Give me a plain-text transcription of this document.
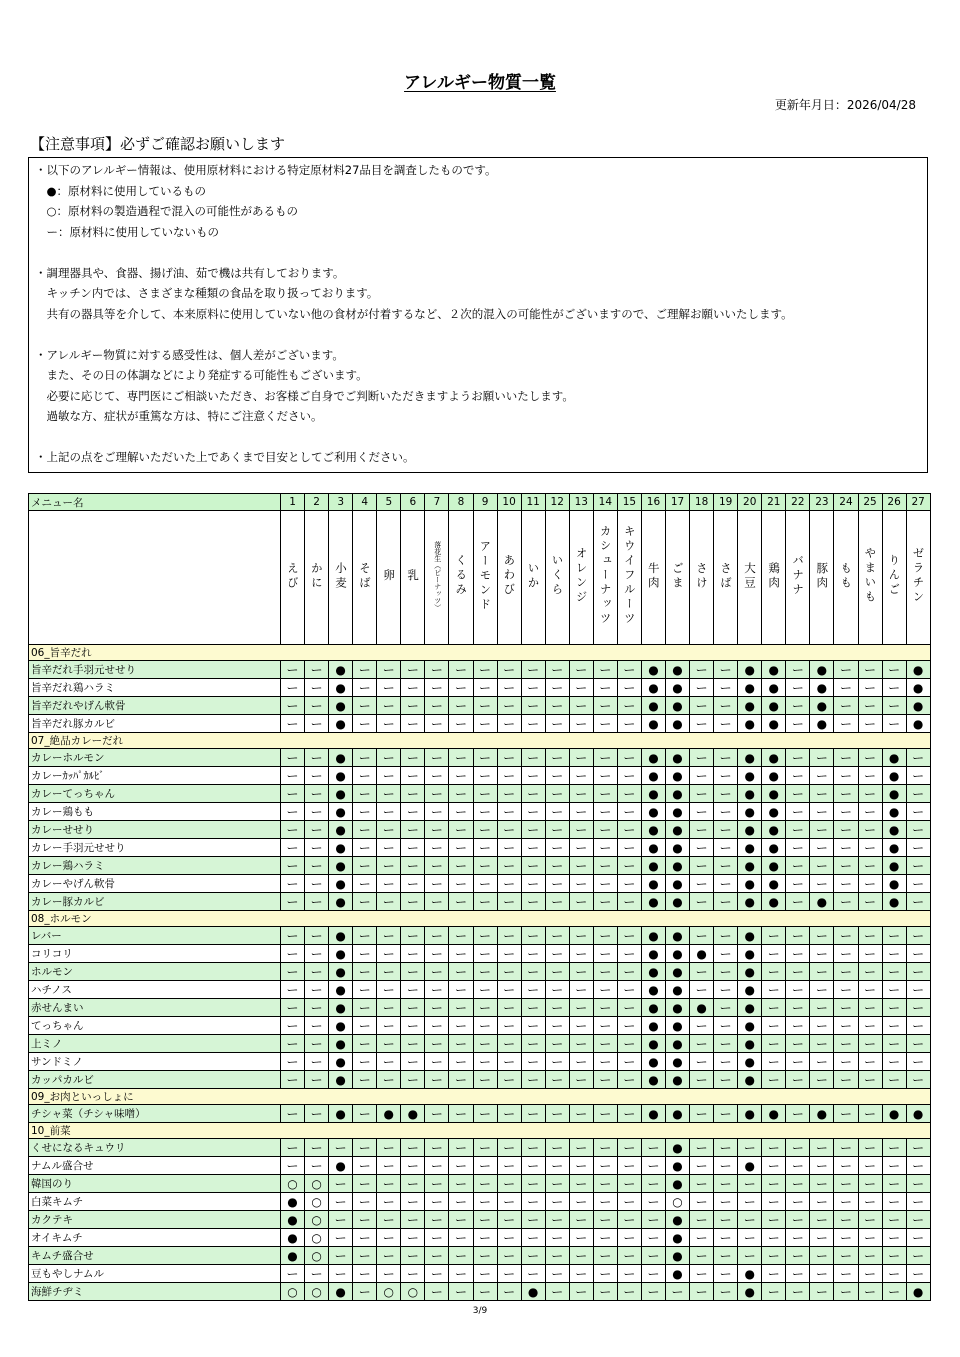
アレルギー物質一覧
更新年月日：2026/04/28
【注意事項】必ずご確認お願いします
・以下のアレルギー情報は、使用原材料における特定原材料27品目を調査したものです。
　●：原材料に使用しているもの
　○：原材料の製造過程で混入の可能性があるもの
　ー：原材料に使用していないもの
・調理器具や、食器、揚げ油、茹で機は共有しております。
　キッチン内では、さまざまな種類の食品を取り扱っております。
　共有の器具等を介して、本来原料に使用していない他の食材が付着するなど、２次的混入の可能性がございますので、ご理解お願いいたします。
・アレルギー物質に対する感受性は、個人差がございます。
　また、その日の体調などにより発症する可能性もございます。
　必要に応じて、専門医にご相談いただき、お客様ご自身でご判断いただきますようお願いいたします。
　過敏な方、症状が重篤な方は、特にご注意ください。
・上記の点をご理解いただいた上であくまで目安としてご利用ください。
メニュー名	1	2	3	4	5	6	7	8	9	10	11	12	13	14	15	16	17	18	19	20	21	22	23	24	25	26	27
	えび	かに	小麦	そば	卵	乳	落花生（ピーナッツ）	くるみ	アーモンド	あわび	いか	いくら	オレンジ	カシューナッツ	キウイフルーツ	牛肉	ごま	さけ	さば	大豆	鶏肉	バナナ	豚肉	もも	やまいも	りんご	ゼラチン
06_旨辛だれ																											
旨辛だれ手羽元せせり	ー	ー	●	ー	ー	ー	ー	ー	ー	ー	ー	ー	ー	ー	ー	●	●	ー	ー	●	●	ー	●	ー	ー	ー	●
旨辛だれ鶏ハラミ	ー	ー	●	ー	ー	ー	ー	ー	ー	ー	ー	ー	ー	ー	ー	●	●	ー	ー	●	●	ー	●	ー	ー	ー	●
旨辛だれやげん軟骨	ー	ー	●	ー	ー	ー	ー	ー	ー	ー	ー	ー	ー	ー	ー	●	●	ー	ー	●	●	ー	●	ー	ー	ー	●
旨辛だれ豚カルビ	ー	ー	●	ー	ー	ー	ー	ー	ー	ー	ー	ー	ー	ー	ー	●	●	ー	ー	●	●	ー	●	ー	ー	ー	●
07_絶品カレーだれ																											
カレーホルモン	ー	ー	●	ー	ー	ー	ー	ー	ー	ー	ー	ー	ー	ー	ー	●	●	ー	ー	●	●	ー	ー	ー	ー	●	ー
カレーｶｯﾊﾟｶﾙﾋﾞ	ー	ー	●	ー	ー	ー	ー	ー	ー	ー	ー	ー	ー	ー	ー	●	●	ー	ー	●	●	ー	ー	ー	ー	●	ー
カレーてっちゃん	ー	ー	●	ー	ー	ー	ー	ー	ー	ー	ー	ー	ー	ー	ー	●	●	ー	ー	●	●	ー	ー	ー	ー	●	ー
カレー鶏もも	ー	ー	●	ー	ー	ー	ー	ー	ー	ー	ー	ー	ー	ー	ー	●	●	ー	ー	●	●	ー	ー	ー	ー	●	ー
カレーせせり	ー	ー	●	ー	ー	ー	ー	ー	ー	ー	ー	ー	ー	ー	ー	●	●	ー	ー	●	●	ー	ー	ー	ー	●	ー
カレー手羽元せせり	ー	ー	●	ー	ー	ー	ー	ー	ー	ー	ー	ー	ー	ー	ー	●	●	ー	ー	●	●	ー	ー	ー	ー	●	ー
カレー鶏ハラミ	ー	ー	●	ー	ー	ー	ー	ー	ー	ー	ー	ー	ー	ー	ー	●	●	ー	ー	●	●	ー	ー	ー	ー	●	ー
カレーやげん軟骨	ー	ー	●	ー	ー	ー	ー	ー	ー	ー	ー	ー	ー	ー	ー	●	●	ー	ー	●	●	ー	ー	ー	ー	●	ー
カレー豚カルビ	ー	ー	●	ー	ー	ー	ー	ー	ー	ー	ー	ー	ー	ー	ー	●	●	ー	ー	●	●	ー	●	ー	ー	●	ー
08_ホルモン																											
レバー	ー	ー	●	ー	ー	ー	ー	ー	ー	ー	ー	ー	ー	ー	ー	●	●	ー	ー	●	ー	ー	ー	ー	ー	ー	ー
コリコリ	ー	ー	●	ー	ー	ー	ー	ー	ー	ー	ー	ー	ー	ー	ー	●	●	●	ー	●	ー	ー	ー	ー	ー	ー	ー
ホルモン	ー	ー	●	ー	ー	ー	ー	ー	ー	ー	ー	ー	ー	ー	ー	●	●	ー	ー	●	ー	ー	ー	ー	ー	ー	ー
ハチノス	ー	ー	●	ー	ー	ー	ー	ー	ー	ー	ー	ー	ー	ー	ー	●	●	ー	ー	●	ー	ー	ー	ー	ー	ー	ー
赤せんまい	ー	ー	●	ー	ー	ー	ー	ー	ー	ー	ー	ー	ー	ー	ー	●	●	●	ー	●	ー	ー	ー	ー	ー	ー	ー
てっちゃん	ー	ー	●	ー	ー	ー	ー	ー	ー	ー	ー	ー	ー	ー	ー	●	●	ー	ー	●	ー	ー	ー	ー	ー	ー	ー
上ミノ	ー	ー	●	ー	ー	ー	ー	ー	ー	ー	ー	ー	ー	ー	ー	●	●	ー	ー	●	ー	ー	ー	ー	ー	ー	ー
サンドミノ	ー	ー	●	ー	ー	ー	ー	ー	ー	ー	ー	ー	ー	ー	ー	●	●	ー	ー	●	ー	ー	ー	ー	ー	ー	ー
カッパカルビ	ー	ー	●	ー	ー	ー	ー	ー	ー	ー	ー	ー	ー	ー	ー	●	●	ー	ー	●	ー	ー	ー	ー	ー	ー	ー
09_お肉といっしょに																											
チシャ菜（チシャ味噌）	ー	ー	●	ー	●	●	ー	ー	ー	ー	ー	ー	ー	ー	ー	●	●	ー	ー	●	●	ー	●	ー	ー	●	●
10_前菜																											
くせになるキュウリ	ー	ー	ー	ー	ー	ー	ー	ー	ー	ー	ー	ー	ー	ー	ー	ー	●	ー	ー	ー	ー	ー	ー	ー	ー	ー	ー
ナムル盛合せ	ー	ー	●	ー	ー	ー	ー	ー	ー	ー	ー	ー	ー	ー	ー	ー	●	ー	ー	●	ー	ー	ー	ー	ー	ー	ー
韓国のり	○	○	ー	ー	ー	ー	ー	ー	ー	ー	ー	ー	ー	ー	ー	ー	●	ー	ー	ー	ー	ー	ー	ー	ー	ー	ー
白菜キムチ	●	○	ー	ー	ー	ー	ー	ー	ー	ー	ー	ー	ー	ー	ー	ー	○	ー	ー	ー	ー	ー	ー	ー	ー	ー	ー
カクテキ	●	○	ー	ー	ー	ー	ー	ー	ー	ー	ー	ー	ー	ー	ー	ー	●	ー	ー	ー	ー	ー	ー	ー	ー	ー	ー
オイキムチ	●	○	ー	ー	ー	ー	ー	ー	ー	ー	ー	ー	ー	ー	ー	ー	●	ー	ー	ー	ー	ー	ー	ー	ー	ー	ー
キムチ盛合せ	●	○	ー	ー	ー	ー	ー	ー	ー	ー	ー	ー	ー	ー	ー	ー	●	ー	ー	ー	ー	ー	ー	ー	ー	ー	ー
豆もやしナムル	ー	ー	ー	ー	ー	ー	ー	ー	ー	ー	ー	ー	ー	ー	ー	ー	●	ー	ー	●	ー	ー	ー	ー	ー	ー	ー
海鮮チヂミ	○	○	●	ー	○	○	ー	ー	ー	ー	●	ー	ー	ー	ー	ー	ー	ー	ー	●	ー	ー	ー	ー	ー	ー	●
3/9
